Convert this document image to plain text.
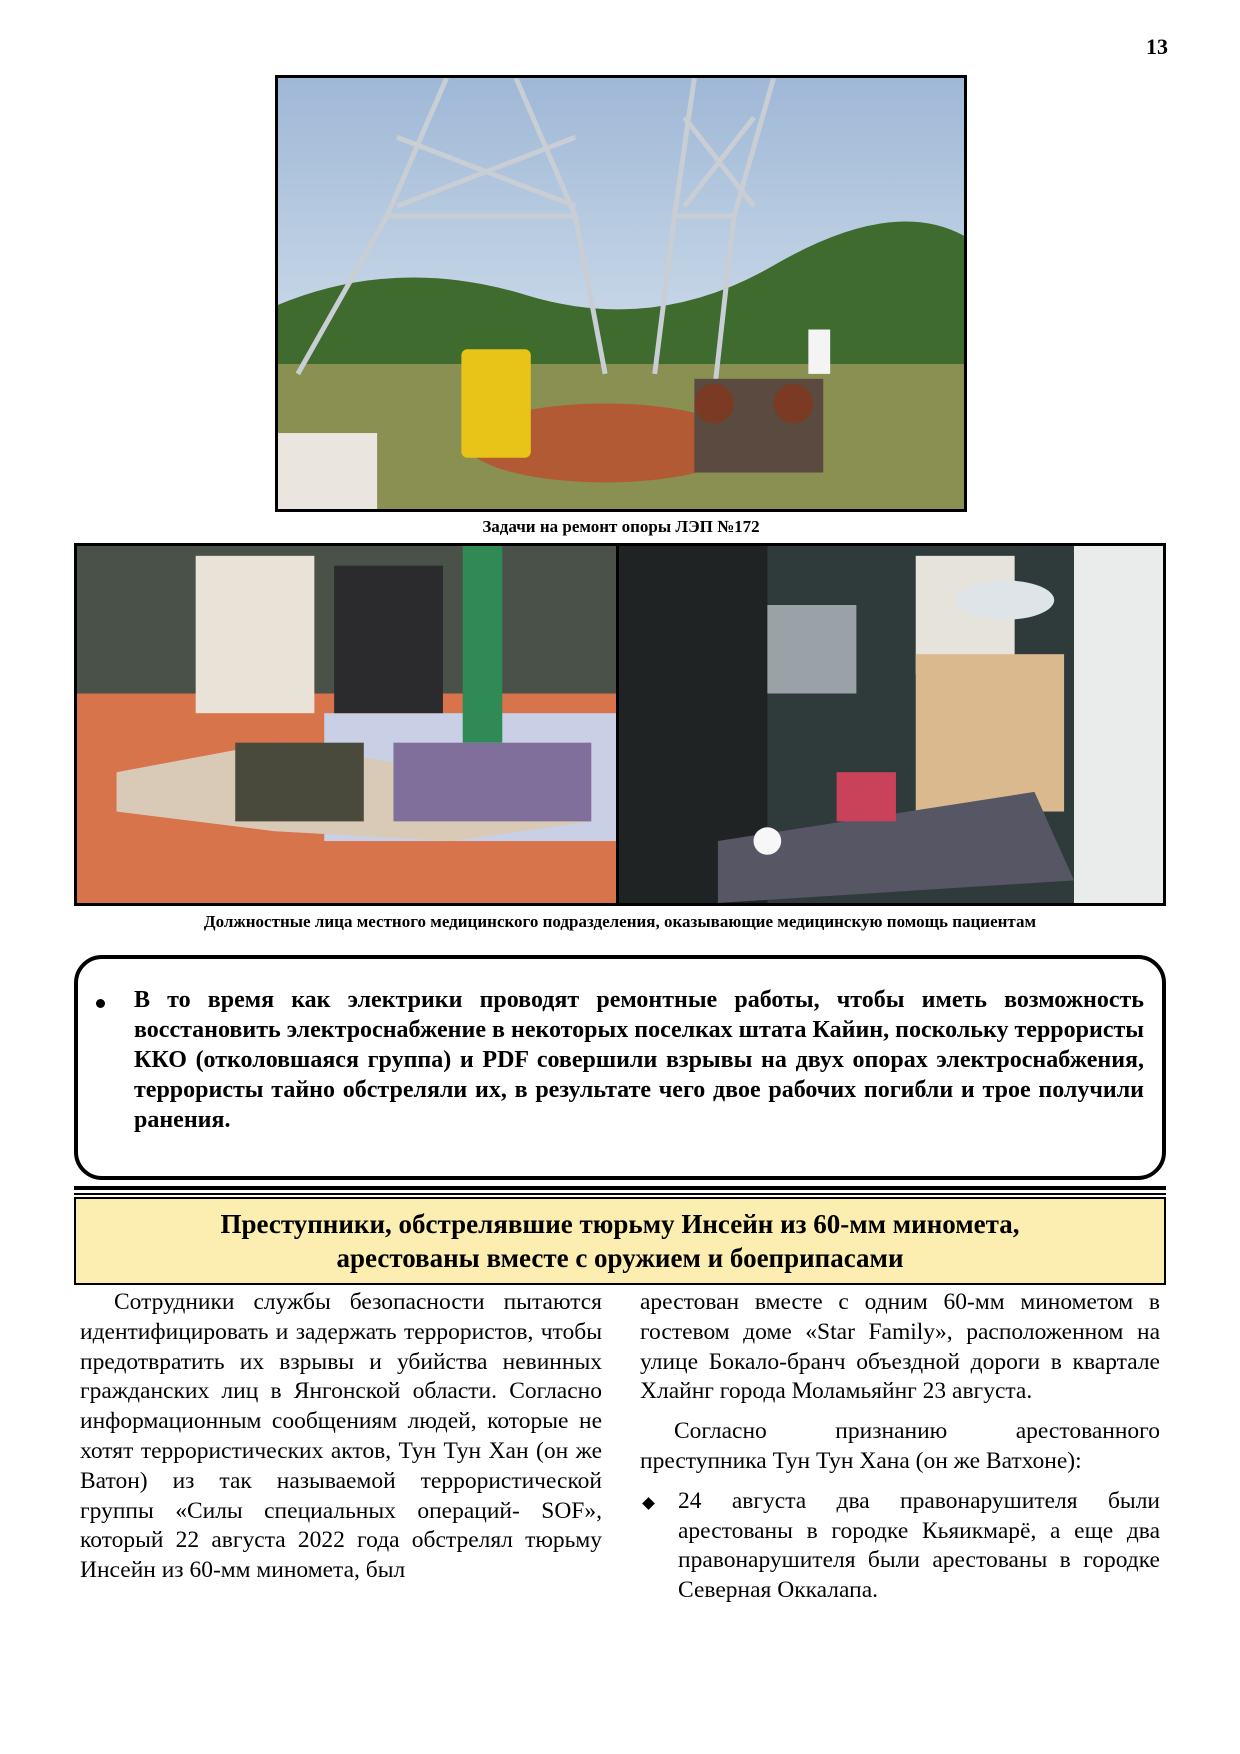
13
Задачи на ремонт опоры ЛЭП №172
Должностные лица местного медицинского подразделения, оказывающие медицинскую помощь пациентам

В то время как электрики проводят ремонтные работы, чтобы иметь возможность восстановить электроснабжение в некоторых поселках штата Кайин, поскольку террористы ККО (отколовшаяся группа) и PDF совершили взрывы на двух опорах электроснабжения, террористы тайно обстреляли их, в результате чего двое рабочих погибли и трое получили ранения.

Преступники, обстрелявшие тюрьму Инсейн из 60-мм миномета,
арестованы вместе с оружием и боеприпасами

Сотрудники службы безопасности пытаются идентифицировать и задержать террористов, чтобы предотвратить их взрывы и убийства невинных гражданских лиц в Янгонской области. Согласно информационным сообщениям людей, которые не хотят террористических актов, Тун Тун Хан (он же Ватон) из так называемой террористической группы «Силы специальных операций- SOF», который 22 августа 2022 года обстрелял тюрьму Инсейн из 60-мм миномета, был

арестован вместе с одним 60-мм минометом в гостевом доме «Star Family», расположенном на улице Бокало-бранч объездной дороги в квартале Хлайнг города Моламьяйнг 23 августа.

Согласно признанию арестованного преступника Тун Тун Хана (он же Ватхоне):

24 августа два правонарушителя были арестованы в городке Кьяикмарё, а еще два правонарушителя были арестованы в городке Северная Оккалапа.
